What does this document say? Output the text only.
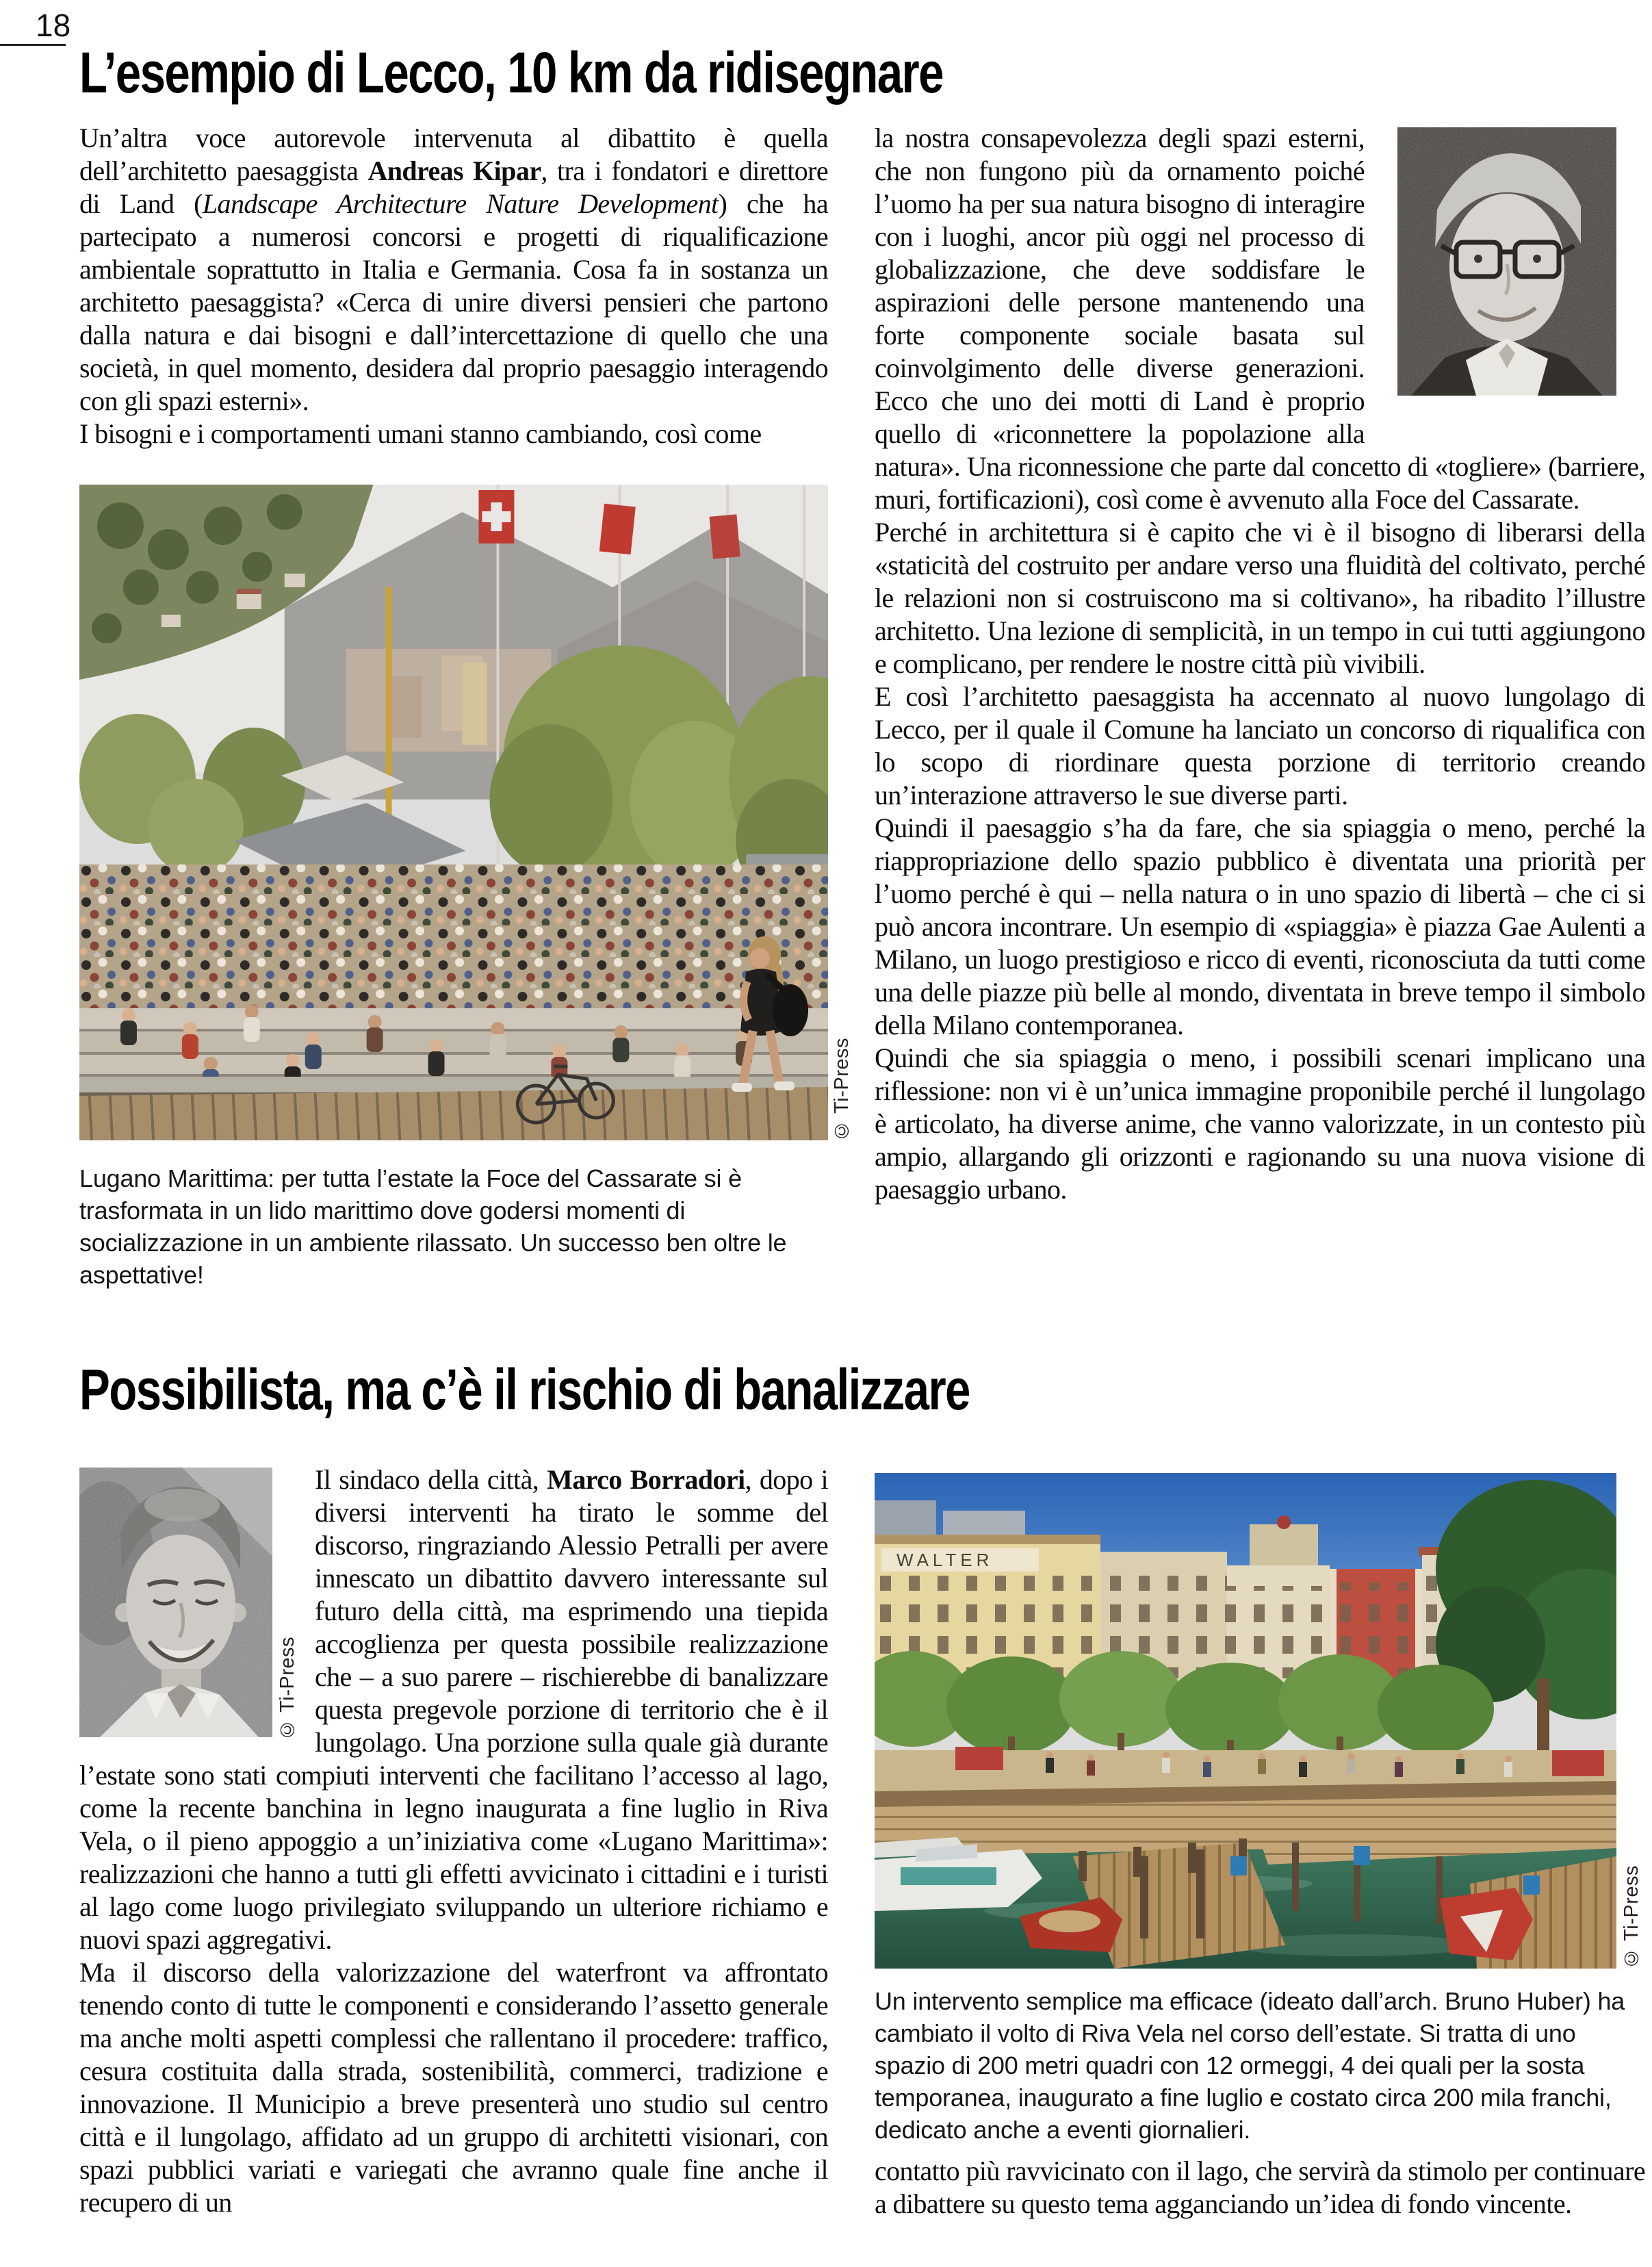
18
L’esempio di Lecco, 10 km da ridisegnare

Un’altra voce autorevole intervenuta al dibattito è quella dell’architetto paesaggista Andreas Kipar, tra i fondatori e direttore di Land (Landscape Architecture Nature Development) che ha partecipato a numerosi concorsi e progetti di riqualificazione ambientale soprattutto in Italia e Germania. Cosa fa in sostanza un architetto paesaggista? «Cerca di unire diversi pensieri che partono dalla natura e dai bisogni e dall’intercettazione di quello che una società, in quel momento, desidera dal proprio paesaggio interagendo con gli spazi esterni».

I bisogni e i comportamenti umani stanno cambiando, così come

© Ti-Press
Lugano Marittima: per tutta l’estate la Foce del Cassarate si è trasformata in un lido marittimo dove godersi momenti di socializzazione in un ambiente rilassato. Un successo ben oltre le aspettative!

la nostra consapevolezza degli spazi esterni, che non fungono più da ornamento poiché l’uomo ha per sua natura bisogno di interagire con i luoghi, ancor più oggi nel processo di globalizzazione, che deve soddisfare le aspirazioni delle persone mantenendo una forte componente sociale basata sul coinvolgimento delle diverse generazioni. Ecco che uno dei motti di Land è proprio quello di «riconnettere la popolazione alla natura». Una riconnessione che parte dal concetto di «togliere» (barriere, muri, fortificazioni), così come è avvenuto alla Foce del Cassarate.

Perché in architettura si è capito che vi è il bisogno di liberarsi della «staticità del costruito per andare verso una fluidità del coltivato, perché le relazioni non si costruiscono ma si coltivano», ha ribadito l’illustre architetto. Una lezione di semplicità, in un tempo in cui tutti aggiungono e complicano, per rendere le nostre città più vivibili.

E così l’architetto paesaggista ha accennato al nuovo lungolago di Lecco, per il quale il Comune ha lanciato un concorso di riqualifica con lo scopo di riordinare questa porzione di territorio creando un’interazione attraverso le sue diverse parti.

Quindi il paesaggio s’ha da fare, che sia spiaggia o meno, perché la riappropriazione dello spazio pubblico è diventata una priorità per l’uomo perché è qui – nella natura o in uno spazio di libertà – che ci si può ancora incontrare. Un esempio di «spiaggia» è piazza Gae Aulenti a Milano, un luogo prestigioso e ricco di eventi, riconosciuta da tutti come una delle piazze più belle al mondo, diventata in breve tempo il simbolo della Milano contemporanea.

Quindi che sia spiaggia o meno, i possibili scenari implicano una riflessione: non vi è un’unica immagine proponibile perché il lungolago è articolato, ha diverse anime, che vanno valorizzate, in un contesto più ampio, allargando gli orizzonti e ragionando su una nuova visione di paesaggio urbano.

Possibilista, ma c’è il rischio di banalizzare
© Ti-Press

Il sindaco della città, Marco Borradori, dopo i diversi interventi ha tirato le somme del discorso, ringraziando Alessio Petralli per avere innescato un dibattito davvero interessante sul futuro della città, ma esprimendo una tiepida accoglienza per questa possibile realizzazione che – a suo parere – rischierebbe di banalizzare questa pregevole porzione di territorio che è il lungolago. Una porzione sulla quale già durante l’estate sono stati compiuti interventi che facilitano l’accesso al lago, come la recente banchina in legno inaugurata a fine luglio in Riva Vela, o il pieno appoggio a un’iniziativa come «Lugano Marittima»: realizzazioni che hanno a tutti gli effetti avvicinato i cittadini e i turisti al lago come luogo privilegiato sviluppando un ulteriore richiamo e nuovi spazi aggregativi.

Ma il discorso della valorizzazione del waterfront va affrontato tenendo conto di tutte le componenti e considerando l’assetto generale ma anche molti aspetti complessi che rallentano il procedere: traffico, cesura costituita dalla strada, sostenibilità, commerci, tradizione e innovazione. Il Municipio a breve presenterà uno studio sul centro città e il lungolago, affidato ad un gruppo di architetti visionari, con spazi pubblici variati e variegati che avranno quale fine anche il recupero di un

WALTER
© Ti-Press
Un intervento semplice ma efficace (ideato dall’arch. Bruno Huber) ha cambiato il volto di Riva Vela nel corso dell’estate. Si tratta di uno spazio di 200 metri quadri con 12 ormeggi, 4 dei quali per la sosta temporanea, inaugurato a fine luglio e costato circa 200 mila franchi, dedicato anche a eventi giornalieri.

contatto più ravvicinato con il lago, che servirà da stimolo per continuare a dibattere su questo tema agganciando un’idea di fondo vincente.
